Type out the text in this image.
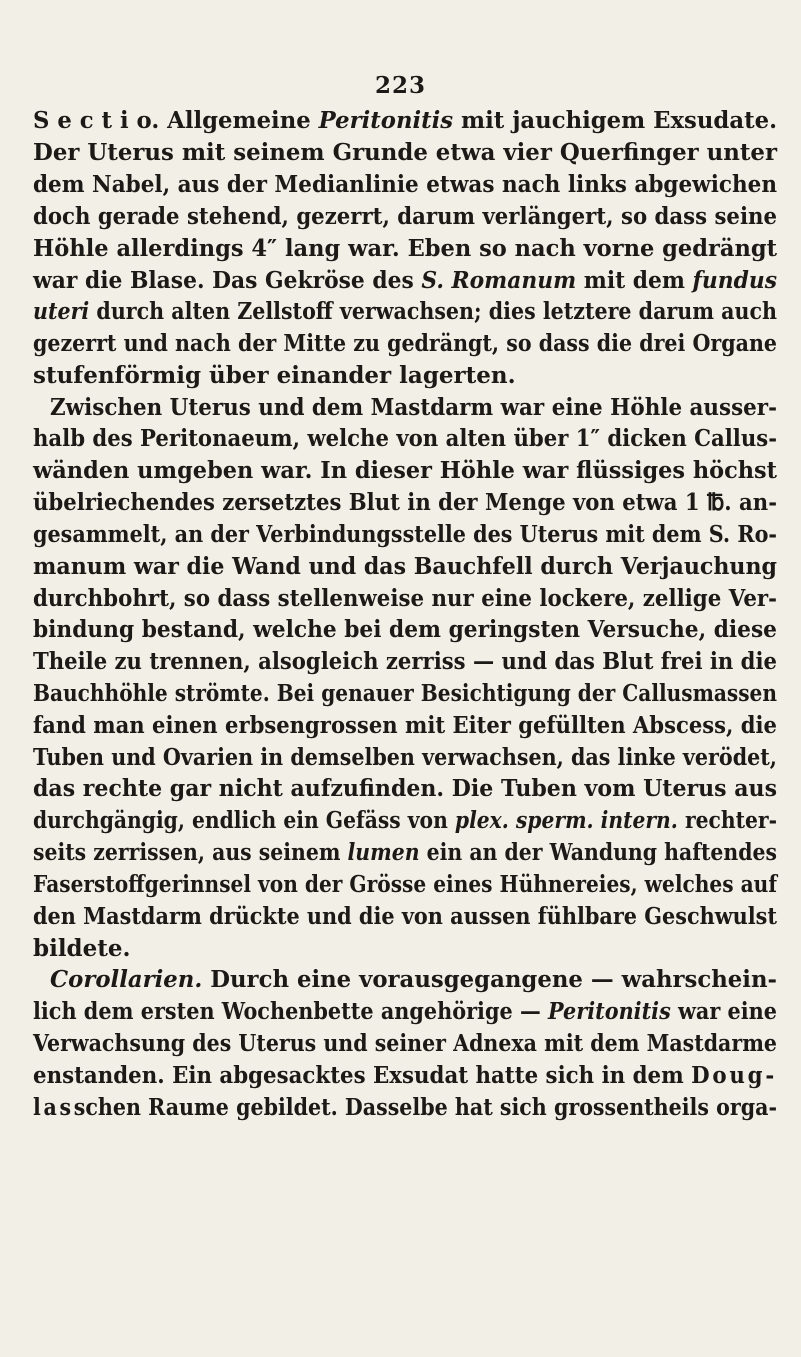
223
S e c t i o. Allgemeine Peritonitis mit jauchigem Exsudate.
Der Uterus mit seinem Grunde etwa vier Querfinger unter
dem Nabel, aus der Medianlinie etwas nach links abgewichen
doch gerade stehend, gezerrt, darum verlängert, so dass seine
Höhle allerdings 4″ lang war. Eben so nach vorne gedrängt
war die Blase. Das Gekröse des S. Romanum mit dem fundus
uteri durch alten Zellstoff verwachsen; dies letztere darum auch
gezerrt und nach der Mitte zu gedrängt, so dass die drei Organe
stufenförmig über einander lagerten.
Zwischen Uterus und dem Mastdarm war eine Höhle ausser-
halb des Peritonaeum, welche von alten über 1″ dicken Callus-
wänden umgeben war. In dieser Höhle war flüssiges höchst
übelriechendes zersetztes Blut in der Menge von etwa 1 ℔. an-
gesammelt, an der Verbindungsstelle des Uterus mit dem S. Ro-
manum war die Wand und das Bauchfell durch Verjauchung
durchbohrt, so dass stellenweise nur eine lockere, zellige Ver-
bindung bestand, welche bei dem geringsten Versuche, diese
Theile zu trennen, alsogleich zerriss — und das Blut frei in die
Bauchhöhle strömte. Bei genauer Besichtigung der Callusmassen
fand man einen erbsengrossen mit Eiter gefüllten Abscess, die
Tuben und Ovarien in demselben verwachsen, das linke verödet,
das rechte gar nicht aufzufinden. Die Tuben vom Uterus aus
durchgängig, endlich ein Gefäss von plex. sperm. intern. rechter-
seits zerrissen, aus seinem lumen ein an der Wandung haftendes
Faserstoffgerinnsel von der Grösse eines Hühnereies, welches auf
den Mastdarm drückte und die von aussen fühlbare Geschwulst
bildete.
Corollarien. Durch eine vorausgegangene — wahrschein-
lich dem ersten Wochenbette angehörige — Peritonitis war eine
Verwachsung des Uterus und seiner Adnexa mit dem Mastdarme
enstanden. Ein abgesacktes Exsudat hatte sich in dem Doug-
lasschen Raume gebildet. Dasselbe hat sich grossentheils orga-
